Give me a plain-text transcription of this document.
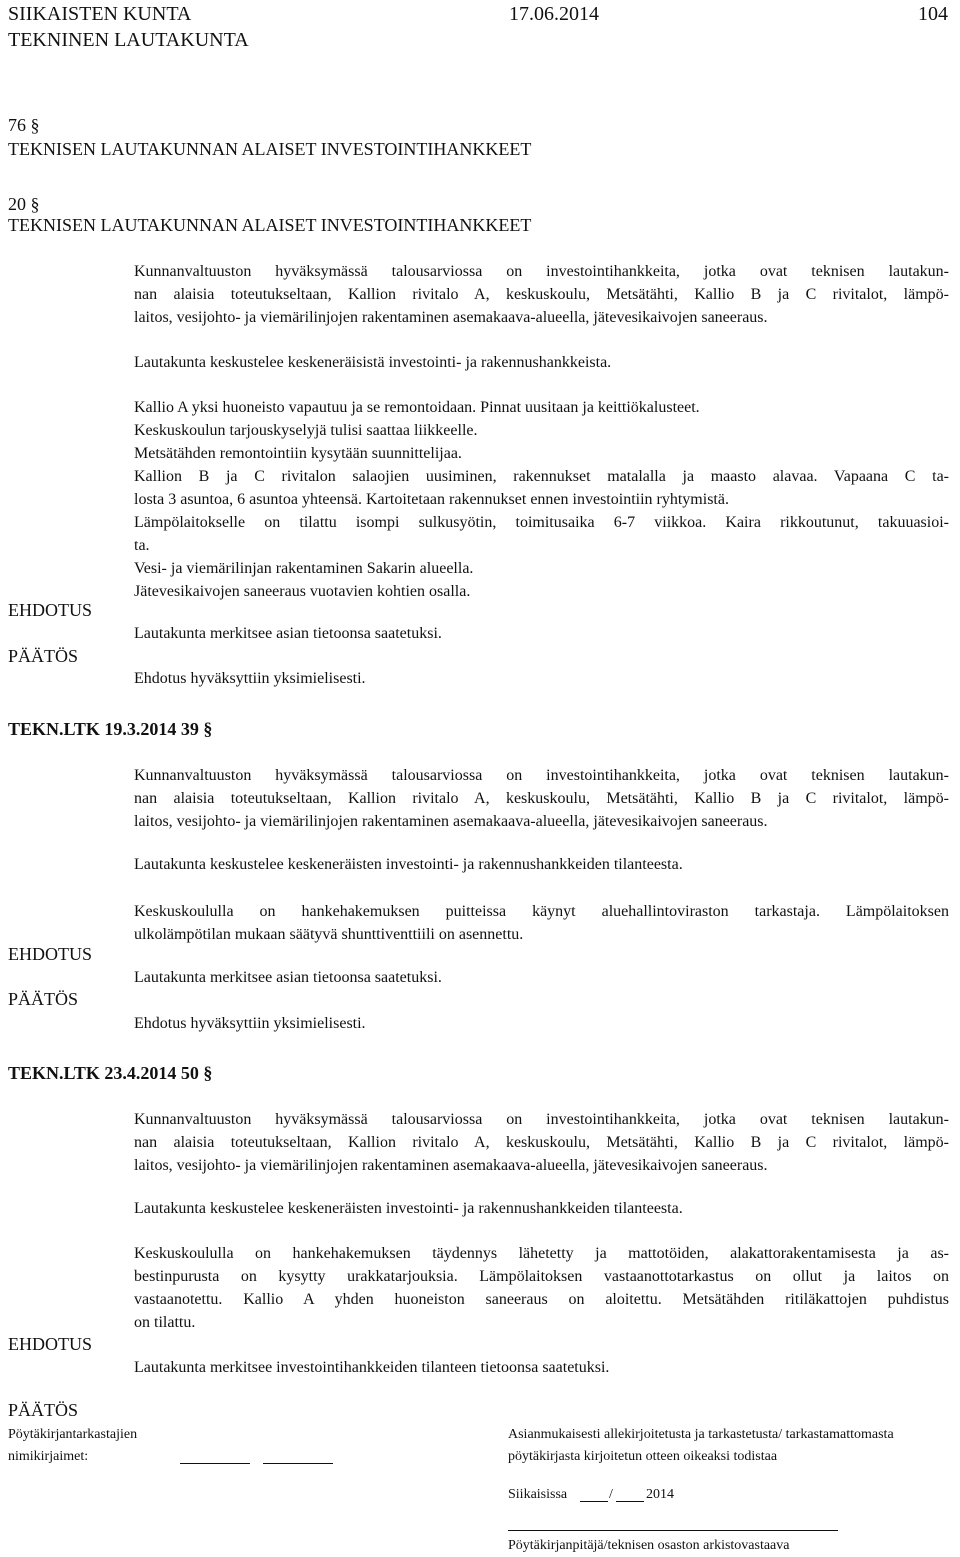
SIIKAISTEN KUNTA	17.06.2014	104
TEKNINEN LAUTAKUNTA
76 §
TEKNISEN LAUTAKUNNAN ALAISET INVESTOINTIHANKKEET
20 §
TEKNISEN LAUTAKUNNAN ALAISET INVESTOINTIHANKKEET
Kunnanvaltuuston hyväksymässä talousarviossa on investointihankkeita, jotka ovat teknisen lautakun-
nan alaisia toteutukseltaan, Kallion rivitalo A, keskuskoulu, Metsätähti, Kallio B ja C rivitalot, lämpö-
laitos, vesijohto- ja viemärilinjojen rakentaminen asemakaava-alueella, jätevesikaivojen saneeraus.
Lautakunta keskustelee keskeneräisistä investointi- ja rakennushankkeista.
Kallio A yksi huoneisto vapautuu ja se remontoidaan. Pinnat uusitaan ja keittiökalusteet.
Keskuskoulun tarjouskyselyjä tulisi saattaa liikkeelle.
Metsätähden remontointiin kysytään suunnittelijaa.
Kallion B ja C rivitalon salaojien uusiminen, rakennukset matalalla ja maasto alavaa. Vapaana C ta-
losta 3 asuntoa, 6 asuntoa yhteensä. Kartoitetaan rakennukset ennen investointiin ryhtymistä.
Lämpölaitokselle on tilattu isompi sulkusyötin, toimitusaika 6-7 viikkoa. Kaira rikkoutunut, takuuasioi-
ta.
Vesi- ja viemärilinjan rakentaminen Sakarin alueella.
Jätevesikaivojen saneeraus vuotavien kohtien osalla.
EHDOTUS
Lautakunta merkitsee asian tietoonsa saatetuksi.
PÄÄTÖS
Ehdotus hyväksyttiin yksimielisesti.
TEKN.LTK 19.3.2014 39 §
Kunnanvaltuuston hyväksymässä talousarviossa on investointihankkeita, jotka ovat teknisen lautakun-
nan alaisia toteutukseltaan, Kallion rivitalo A, keskuskoulu, Metsätähti, Kallio B ja C rivitalot, lämpö-
laitos, vesijohto- ja viemärilinjojen rakentaminen asemakaava-alueella, jätevesikaivojen saneeraus.
Lautakunta keskustelee keskeneräisten investointi- ja rakennushankkeiden tilanteesta.
Keskuskoululla on hankehakemuksen puitteissa käynyt aluehallintoviraston tarkastaja. Lämpölaitoksen
ulkolämpötilan mukaan säätyvä shunttiventtiili on asennettu.
EHDOTUS
Lautakunta merkitsee asian tietoonsa saatetuksi.
PÄÄTÖS
Ehdotus hyväksyttiin yksimielisesti.
TEKN.LTK 23.4.2014 50 §
Kunnanvaltuuston hyväksymässä talousarviossa on investointihankkeita, jotka ovat teknisen lautakun-
nan alaisia toteutukseltaan, Kallion rivitalo A, keskuskoulu, Metsätähti, Kallio B ja C rivitalot, lämpö-
laitos, vesijohto- ja viemärilinjojen rakentaminen asemakaava-alueella, jätevesikaivojen saneeraus.
Lautakunta keskustelee keskeneräisten investointi- ja rakennushankkeiden tilanteesta.
Keskuskoululla on hankehakemuksen täydennys lähetetty ja mattotöiden, alakattorakentamisesta ja as-
bestinpurusta on kysytty urakkatarjouksia. Lämpölaitoksen vastaanottotarkastus on ollut ja laitos on
vastaanotettu. Kallio A yhden huoneiston saneeraus on aloitettu. Metsätähden ritiläkattojen puhdistus
on tilattu.
EHDOTUS
Lautakunta merkitsee investointihankkeiden tilanteen tietoonsa saatetuksi.
PÄÄTÖS
Pöytäkirjantarkastajien
nimikirjaimet:
Asianmukaisesti allekirjoitetusta ja tarkastetusta/ tarkastamattomasta
pöytäkirjasta kirjoitetun otteen oikeaksi todistaa
Siikaisissa	/ 2014
Pöytäkirjanpitäjä/teknisen osaston arkistovastaava
